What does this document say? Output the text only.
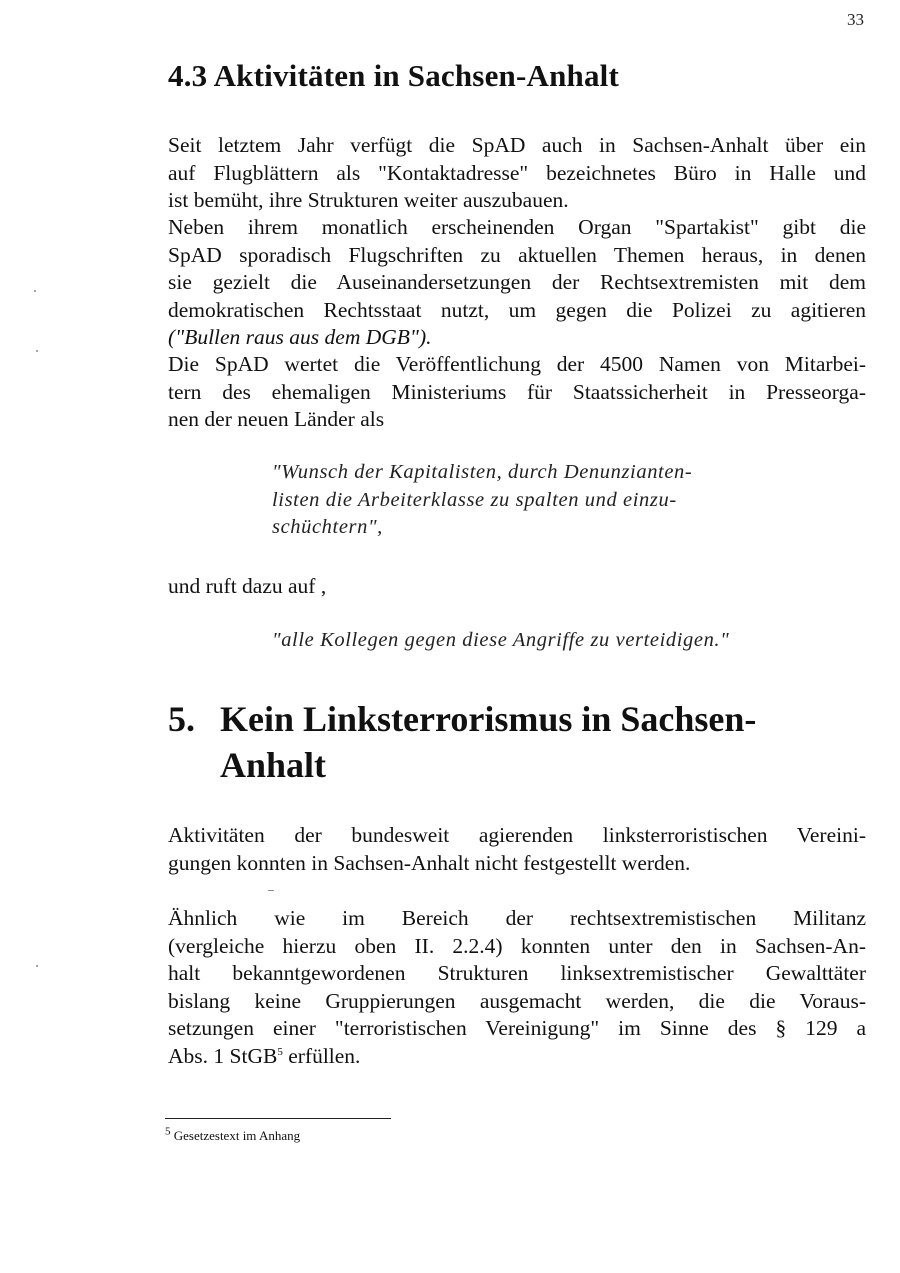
33
4.3 Aktivitäten in Sachsen-Anhalt

Seit letztem Jahr verfügt die SpAD auch in Sachsen-Anhalt über ein
auf Flugblättern als "Kontaktadresse" bezeichnetes Büro in Halle und
ist bemüht, ihre Strukturen weiter auszubauen.

Neben ihrem monatlich erscheinenden Organ "Spartakist" gibt die
SpAD sporadisch Flugschriften zu aktuellen Themen heraus, in denen
sie gezielt die Auseinandersetzungen der Rechtsextremisten mit dem
demokratischen Rechtsstaat nutzt, um gegen die Polizei zu agitieren
("Bullen raus aus dem DGB").

Die SpAD wertet die Veröffentlichung der 4500 Namen von Mitarbei-
tern des ehemaligen Ministeriums für Staatssicherheit in Presseorga-
nen der neuen Länder als

"Wunsch der Kapitalisten, durch Denunzianten-
listen die Arbeiterklasse zu spalten und einzu-
schüchtern",

und ruft dazu auf ,

"alle Kollegen gegen diese Angriffe zu verteidigen."

5. Kein Linksterrorismus in Sachsen-
Anhalt

Aktivitäten der bundesweit agierenden linksterroristischen Vereini-
gungen konnten in Sachsen-Anhalt nicht festgestellt werden.

Ähnlich wie im Bereich der rechtsextremistischen Militanz
(vergleiche hierzu oben II. 2.2.4) konnten unter den in Sachsen-An-
halt bekanntgewordenen Strukturen linksextremistischer Gewalttäter
bislang keine Gruppierungen ausgemacht werden, die die Voraus-
setzungen einer "terroristischen Vereinigung" im Sinne des § 129 a
Abs. 1 StGB$^5$ erfüllen.

$^5$ Gesetzestext im Anhang
